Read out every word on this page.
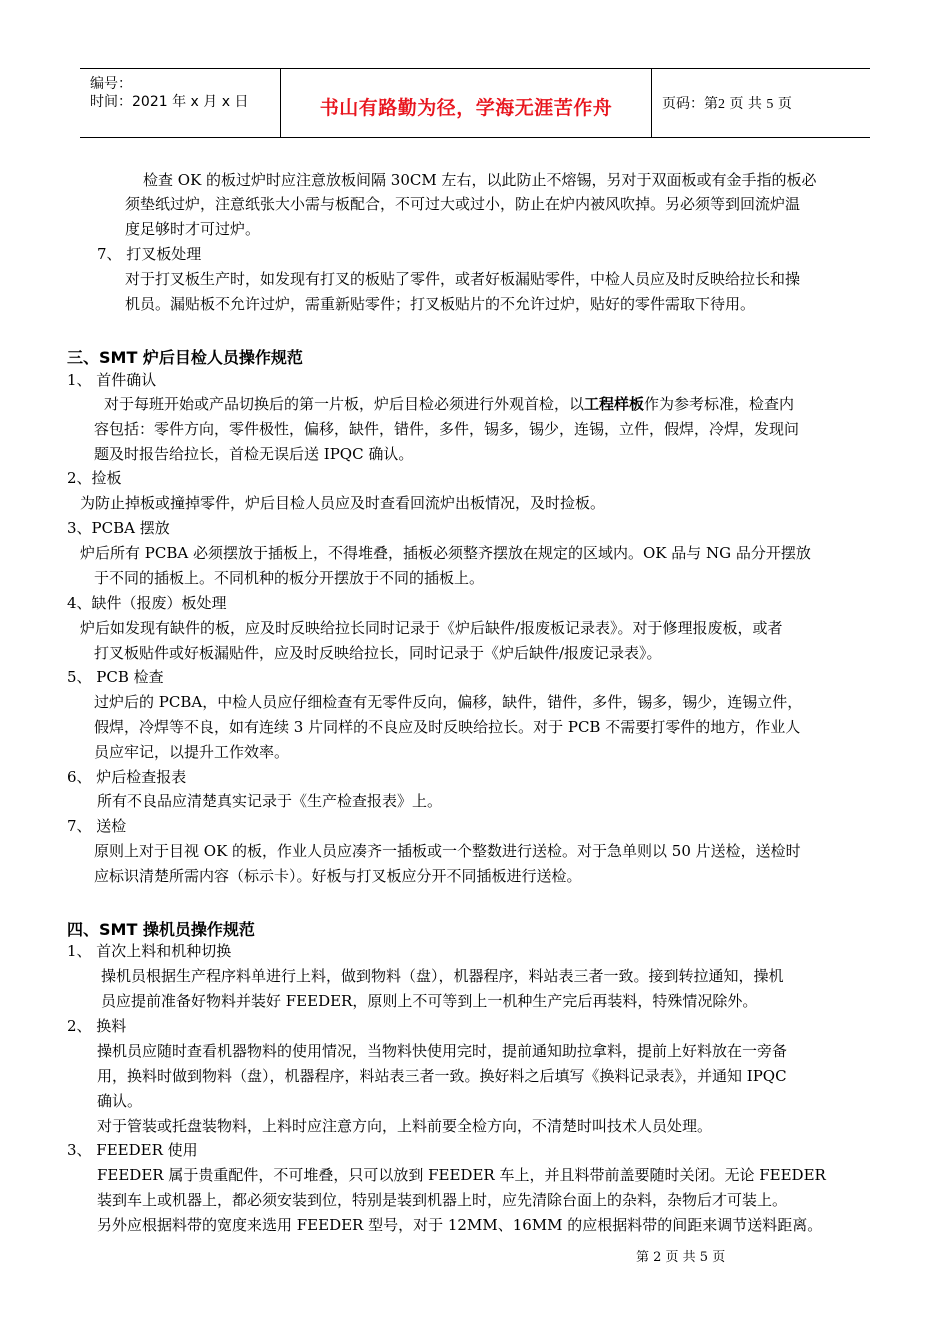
编号：
时间：2021 年 x 月 x 日	书山有路勤为径，学海无涯苦作舟	页码：第2 页 共 5 页
检查 OK 的板过炉时应注意放板间隔 30CM 左右，以此防止不熔锡，另对于双面板或有金手指的板必
须垫纸过炉，注意纸张大小需与板配合，不可过大或过小，防止在炉内被风吹掉。另必须等到回流炉温
度足够时才可过炉。
7、 打叉板处理
对于打叉板生产时，如发现有打叉的板贴了零件，或者好板漏贴零件，中检人员应及时反映给拉长和操
机员。漏贴板不允许过炉，需重新贴零件；打叉板贴片的不允许过炉，贴好的零件需取下待用。
三、SMT 炉后目检人员操作规范
1、 首件确认
对于每班开始或产品切换后的第一片板，炉后目检必须进行外观首检，以工程样板作为参考标准，检查内
容包括：零件方向，零件极性，偏移，缺件，错件，多件，锡多，锡少，连锡，立件，假焊，冷焊，发现问
题及时报告给拉长，首检无误后送 IPQC 确认。
2、捡板
为防止掉板或撞掉零件，炉后目检人员应及时查看回流炉出板情况，及时捡板。
3、PCBA 摆放
炉后所有 PCBA 必须摆放于插板上，不得堆叠，插板必须整齐摆放在规定的区域内。OK 品与 NG 品分开摆放
于不同的插板上。不同机种的板分开摆放于不同的插板上。
4、缺件（报废）板处理
炉后如发现有缺件的板，应及时反映给拉长同时记录于《炉后缺件/报废板记录表》。对于修理报废板，或者
打叉板贴件或好板漏贴件，应及时反映给拉长，同时记录于《炉后缺件/报废记录表》。
5、 PCB 检查
过炉后的 PCBA，中检人员应仔细检查有无零件反向，偏移，缺件，错件，多件，锡多，锡少，连锡立件，
假焊，冷焊等不良，如有连续 3 片同样的不良应及时反映给拉长。对于 PCB 不需要打零件的地方，作业人
员应牢记，以提升工作效率。
6、 炉后检查报表
所有不良品应清楚真实记录于《生产检查报表》上。
7、 送检
原则上对于目视 OK 的板，作业人员应凑齐一插板或一个整数进行送检。对于急单则以 50 片送检，送检时
应标识清楚所需内容（标示卡）。好板与打叉板应分开不同插板进行送检。
四、SMT 操机员操作规范
1、 首次上料和机种切换
操机员根据生产程序料单进行上料，做到物料（盘），机器程序，料站表三者一致。接到转拉通知，操机
员应提前准备好物料并装好 FEEDER，原则上不可等到上一机种生产完后再装料，特殊情况除外。
2、 换料
操机员应随时查看机器物料的使用情况，当物料快使用完时，提前通知助拉拿料，提前上好料放在一旁备
用，换料时做到物料（盘），机器程序，料站表三者一致。换好料之后填写《换料记录表》，并通知 IPQC
确认。
对于管装或托盘装物料，上料时应注意方向，上料前要全检方向，不清楚时叫技术人员处理。
3、 FEEDER 使用
FEEDER 属于贵重配件，不可堆叠，只可以放到 FEEDER 车上，并且料带前盖要随时关闭。无论 FEEDER
装到车上或机器上，都必须安装到位，特别是装到机器上时，应先清除台面上的杂料，杂物后才可装上。
另外应根据料带的宽度来选用 FEEDER 型号，对于 12MM、16MM 的应根据料带的间距来调节送料距离。
第 2 页 共 5 页
